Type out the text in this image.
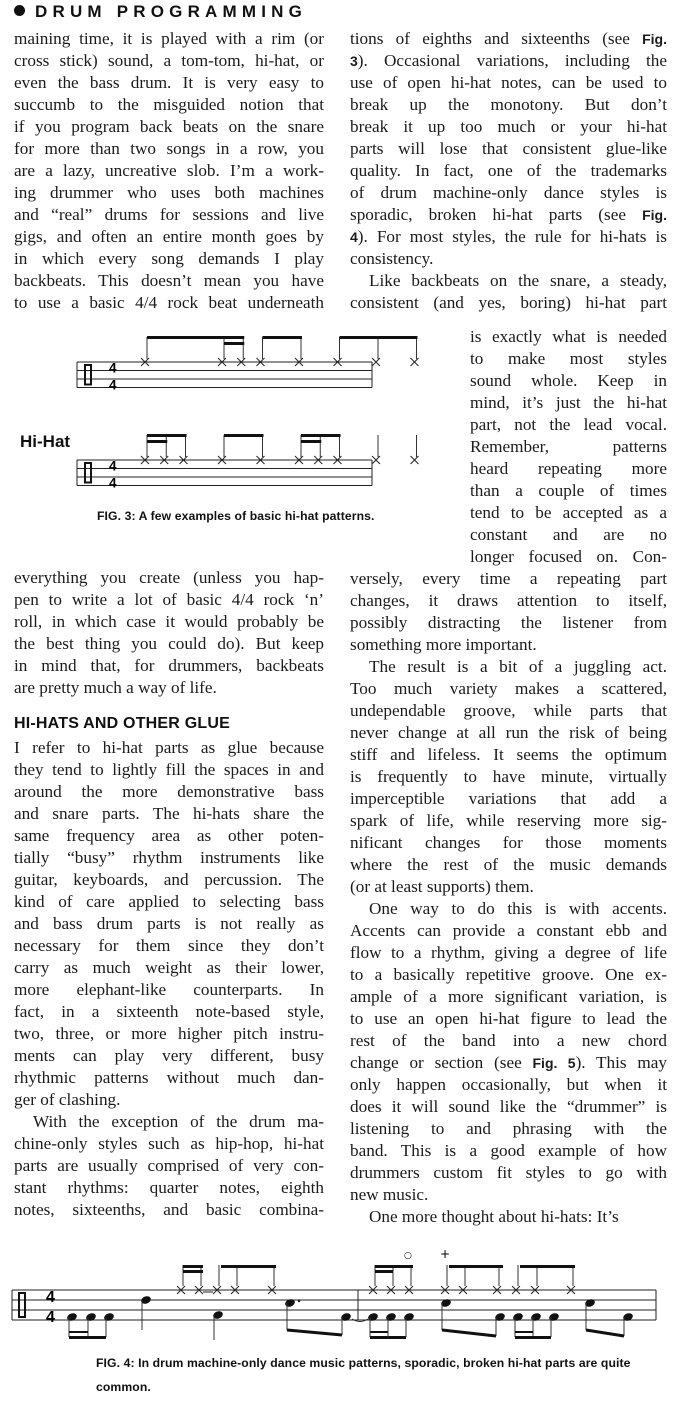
DRUM PROGRAMMING
maining time, it is played with a rim (or
cross stick) sound, a tom-tom, hi-hat, or
even the bass drum. It is very easy to
succumb to the misguided notion that
if you program back beats on the snare
for more than two songs in a row, you
are a lazy, uncreative slob. I’m a work-
ing drummer who uses both machines
and “real” drums for sessions and live
gigs, and often an entire month goes by
in which every song demands I play
backbeats. This doesn’t mean you have
to use a basic 4/4 rock beat underneath
Hi-Hat
4
4
4
4
FIG. 3: A few examples of basic hi-hat patterns.
everything you create (unless you hap-
pen to write a lot of basic 4/4 rock ‘n’
roll, in which case it would probably be
the best thing you could do). But keep
in mind that, for drummers, backbeats
are pretty much a way of life.
HI-HATS AND OTHER GLUE
I refer to hi-hat parts as glue because
they tend to lightly fill the spaces in and
around the more demonstrative bass
and snare parts. The hi-hats share the
same frequency area as other poten-
tially “busy” rhythm instruments like
guitar, keyboards, and percussion. The
kind of care applied to selecting bass
and bass drum parts is not really as
necessary for them since they don’t
carry as much weight as their lower,
more elephant-like counterparts. In
fact, in a sixteenth note-based style,
two, three, or more higher pitch instru-
ments can play very different, busy
rhythmic patterns without much dan-
ger of clashing.
With the exception of the drum ma-
chine-only styles such as hip-hop, hi-hat
parts are usually comprised of very con-
stant rhythms: quarter notes, eighth
notes, sixteenths, and basic combina-
tions of eighths and sixteenths (see Fig.
3). Occasional variations, including the
use of open hi-hat notes, can be used to
break up the monotony. But don’t
break it up too much or your hi-hat
parts will lose that consistent glue-like
quality. In fact, one of the trademarks
of drum machine-only dance styles is
sporadic, broken hi-hat parts (see Fig.
4). For most styles, the rule for hi-hats is
consistency.
Like backbeats on the snare, a steady,
consistent (and yes, boring) hi-hat part
is exactly what is needed
to make most styles
sound whole. Keep in
mind, it’s just the hi-hat
part, not the lead vocal.
Remember, patterns
heard repeating more
than a couple of times
tend to be accepted as a
constant and are no
longer focused on. Con-
versely, every time a repeating part
changes, it draws attention to itself,
possibly distracting the listener from
something more important.
The result is a bit of a juggling act.
Too much variety makes a scattered,
undependable groove, while parts that
never change at all run the risk of being
stiff and lifeless. It seems the optimum
is frequently to have minute, virtually
imperceptible variations that add a
spark of life, while reserving more sig-
nificant changes for those moments
where the rest of the music demands
(or at least supports) them.
One way to do this is with accents.
Accents can provide a constant ebb and
flow to a rhythm, giving a degree of life
to a basically repetitive groove. One ex-
ample of a more significant variation, is
to use an open hi-hat figure to lead the
rest of the band into a new chord
change or section (see Fig. 5). This may
only happen occasionally, but when it
does it will sound like the “drummer” is
listening to and phrasing with the
band. This is a good example of how
drummers custom fit styles to go with
new music.
One more thought about hi-hats: It’s
4
4
○ +
FIG. 4: In drum machine-only dance music patterns, sporadic, broken hi-hat parts are quite
common.
